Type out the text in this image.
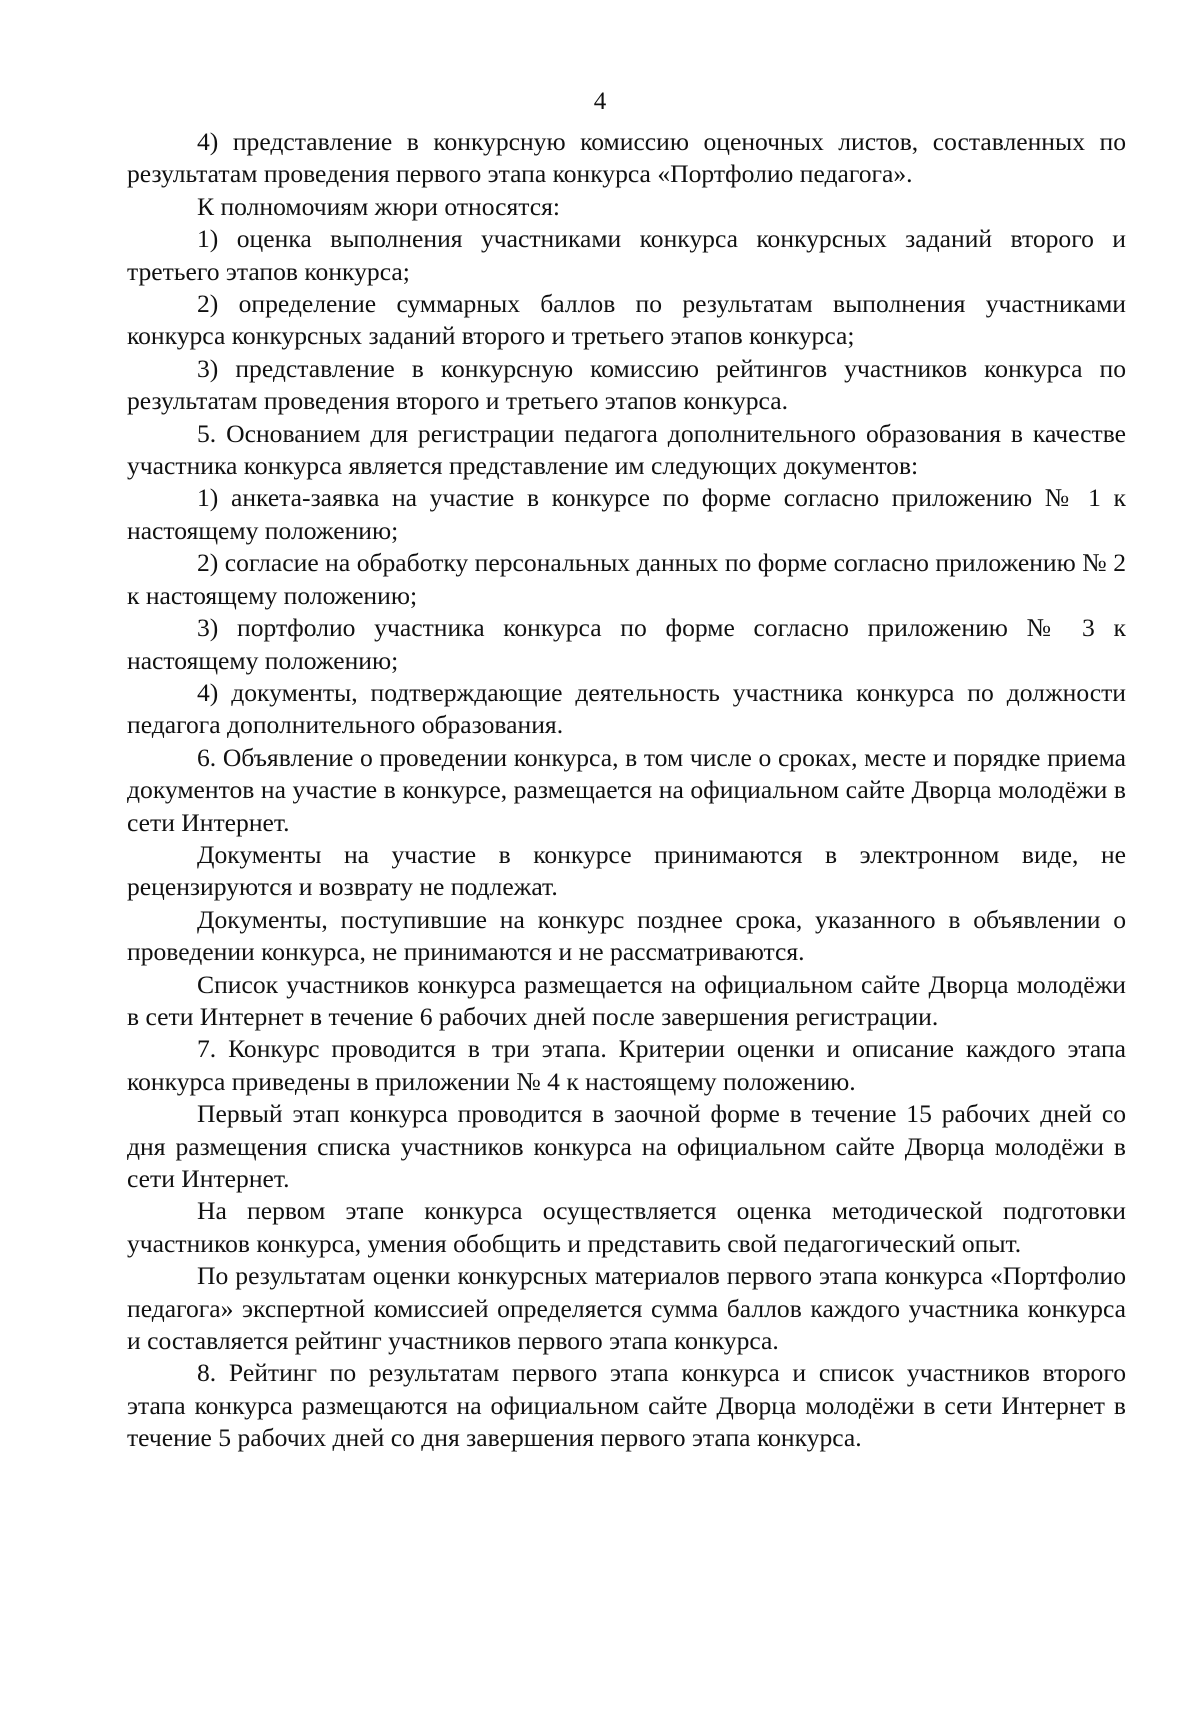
4

4) представление в конкурсную комиссию оценочных листов, составленных по результатам проведения первого этапа конкурса «Портфолио педагога».

К полномочиям жюри относятся:

1) оценка выполнения участниками конкурса конкурсных заданий второго и третьего этапов конкурса;

2) определение суммарных баллов по результатам выполнения участниками конкурса конкурсных заданий второго и третьего этапов конкурса;

3) представление в конкурсную комиссию рейтингов участников конкурса по результатам проведения второго и третьего этапов конкурса.

5. Основанием для регистрации педагога дополнительного образования в качестве участника конкурса является представление им следующих документов:

1) анкета-заявка на участие в конкурсе по форме согласно приложению № 1 к настоящему положению;

2) согласие на обработку персональных данных по форме согласно приложению № 2 к настоящему положению;

3) портфолио участника конкурса по форме согласно приложению № 3 к настоящему положению;

4) документы, подтверждающие деятельность участника конкурса по должности педагога дополнительного образования.

6. Объявление о проведении конкурса, в том числе о сроках, месте и порядке приема документов на участие в конкурсе, размещается на официальном сайте Дворца молодёжи в сети Интернет.

Документы на участие в конкурсе принимаются в электронном виде, не рецензируются и возврату не подлежат.

Документы, поступившие на конкурс позднее срока, указанного в объявлении о проведении конкурса, не принимаются и не рассматриваются.

Список участников конкурса размещается на официальном сайте Дворца молодёжи в сети Интернет в течение 6 рабочих дней после завершения регистрации.

7. Конкурс проводится в три этапа. Критерии оценки и описание каждого этапа конкурса приведены в приложении № 4 к настоящему положению.

Первый этап конкурса проводится в заочной форме в течение 15 рабочих дней со дня размещения списка участников конкурса на официальном сайте Дворца молодёжи в сети Интернет.

На первом этапе конкурса осуществляется оценка методической подготовки участников конкурса, умения обобщить и представить свой педагогический опыт.

По результатам оценки конкурсных материалов первого этапа конкурса «Портфолио педагога» экспертной комиссией определяется сумма баллов каждого участника конкурса и составляется рейтинг участников первого этапа конкурса.

8. Рейтинг по результатам первого этапа конкурса и список участников второго этапа конкурса размещаются на официальном сайте Дворца молодёжи в сети Интернет в течение 5 рабочих дней со дня завершения первого этапа конкурса.
